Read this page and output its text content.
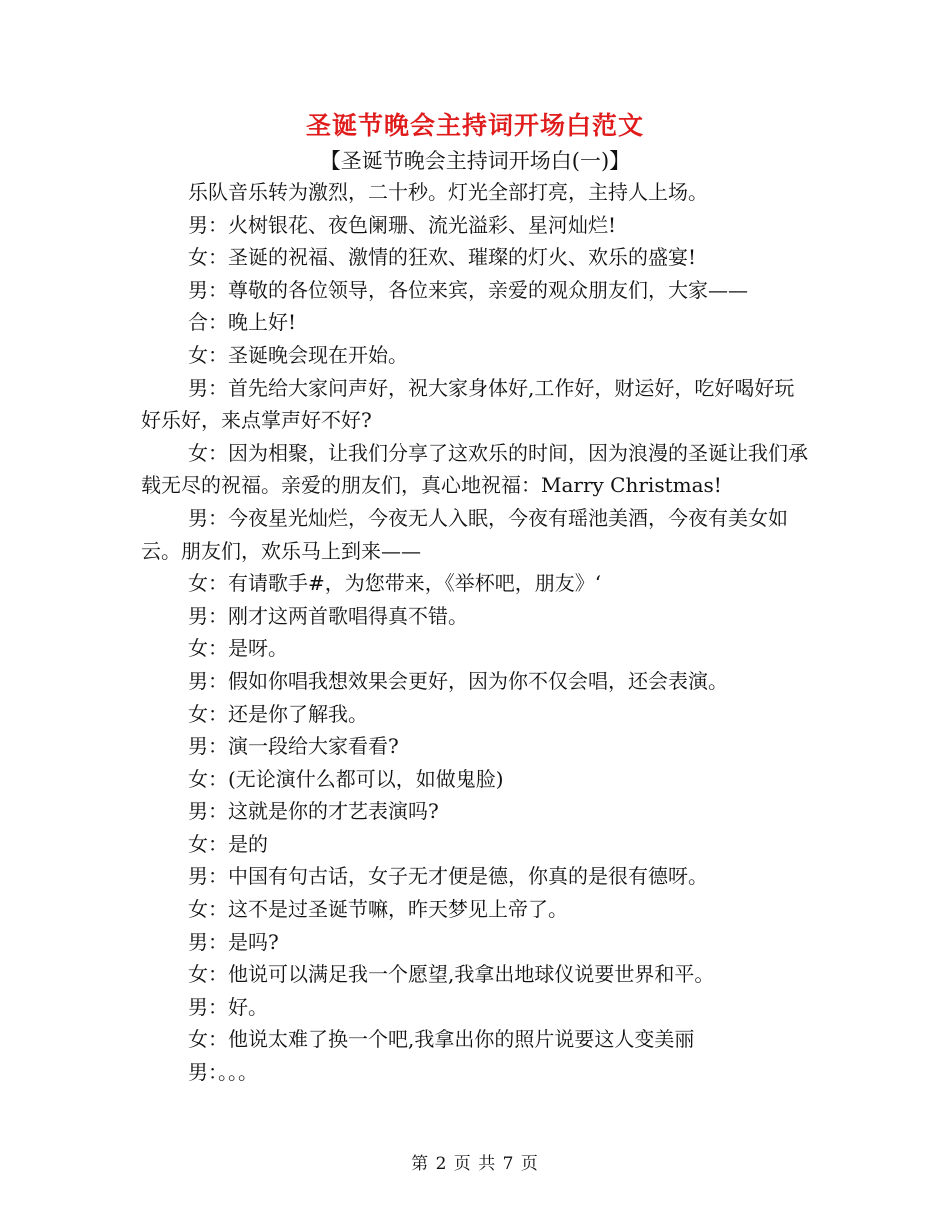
圣诞节晚会主持词开场白范文
【圣诞节晚会主持词开场白(一)】

乐队音乐转为激烈，二十秒。灯光全部打亮，主持人上场。

男：火树银花、夜色阑珊、流光溢彩、星河灿烂!

女：圣诞的祝福、激情的狂欢、璀璨的灯火、欢乐的盛宴!

男：尊敬的各位领导，各位来宾，亲爱的观众朋友们，大家——

合：晚上好!

女：圣诞晚会现在开始。

男：首先给大家问声好，祝大家身体好,工作好，财运好，吃好喝好玩好乐好，来点掌声好不好?

女：因为相聚，让我们分享了这欢乐的时间，因为浪漫的圣诞让我们承载无尽的祝福。亲爱的朋友们，真心地祝福：Marry Christmas!

男：今夜星光灿烂，今夜无人入眠，今夜有瑶池美酒，今夜有美女如云。朋友们，欢乐马上到来——

女：有请歌手#，为您带来，《举杯吧，朋友》‘

男：刚才这两首歌唱得真不错。

女：是呀。

男：假如你唱我想效果会更好，因为你不仅会唱，还会表演。

女：还是你了解我。

男：演一段给大家看看?

女：(无论演什么都可以，如做鬼脸)

男：这就是你的才艺表演吗?

女：是的

男：中国有句古话，女子无才便是德，你真的是很有德呀。

女：这不是过圣诞节嘛，昨天梦见上帝了。

男：是吗?

女：他说可以满足我一个愿望,我拿出地球仪说要世界和平。

男：好。

女：他说太难了换一个吧,我拿出你的照片说要这人变美丽

男：。。。

第 2 页 共 7 页
